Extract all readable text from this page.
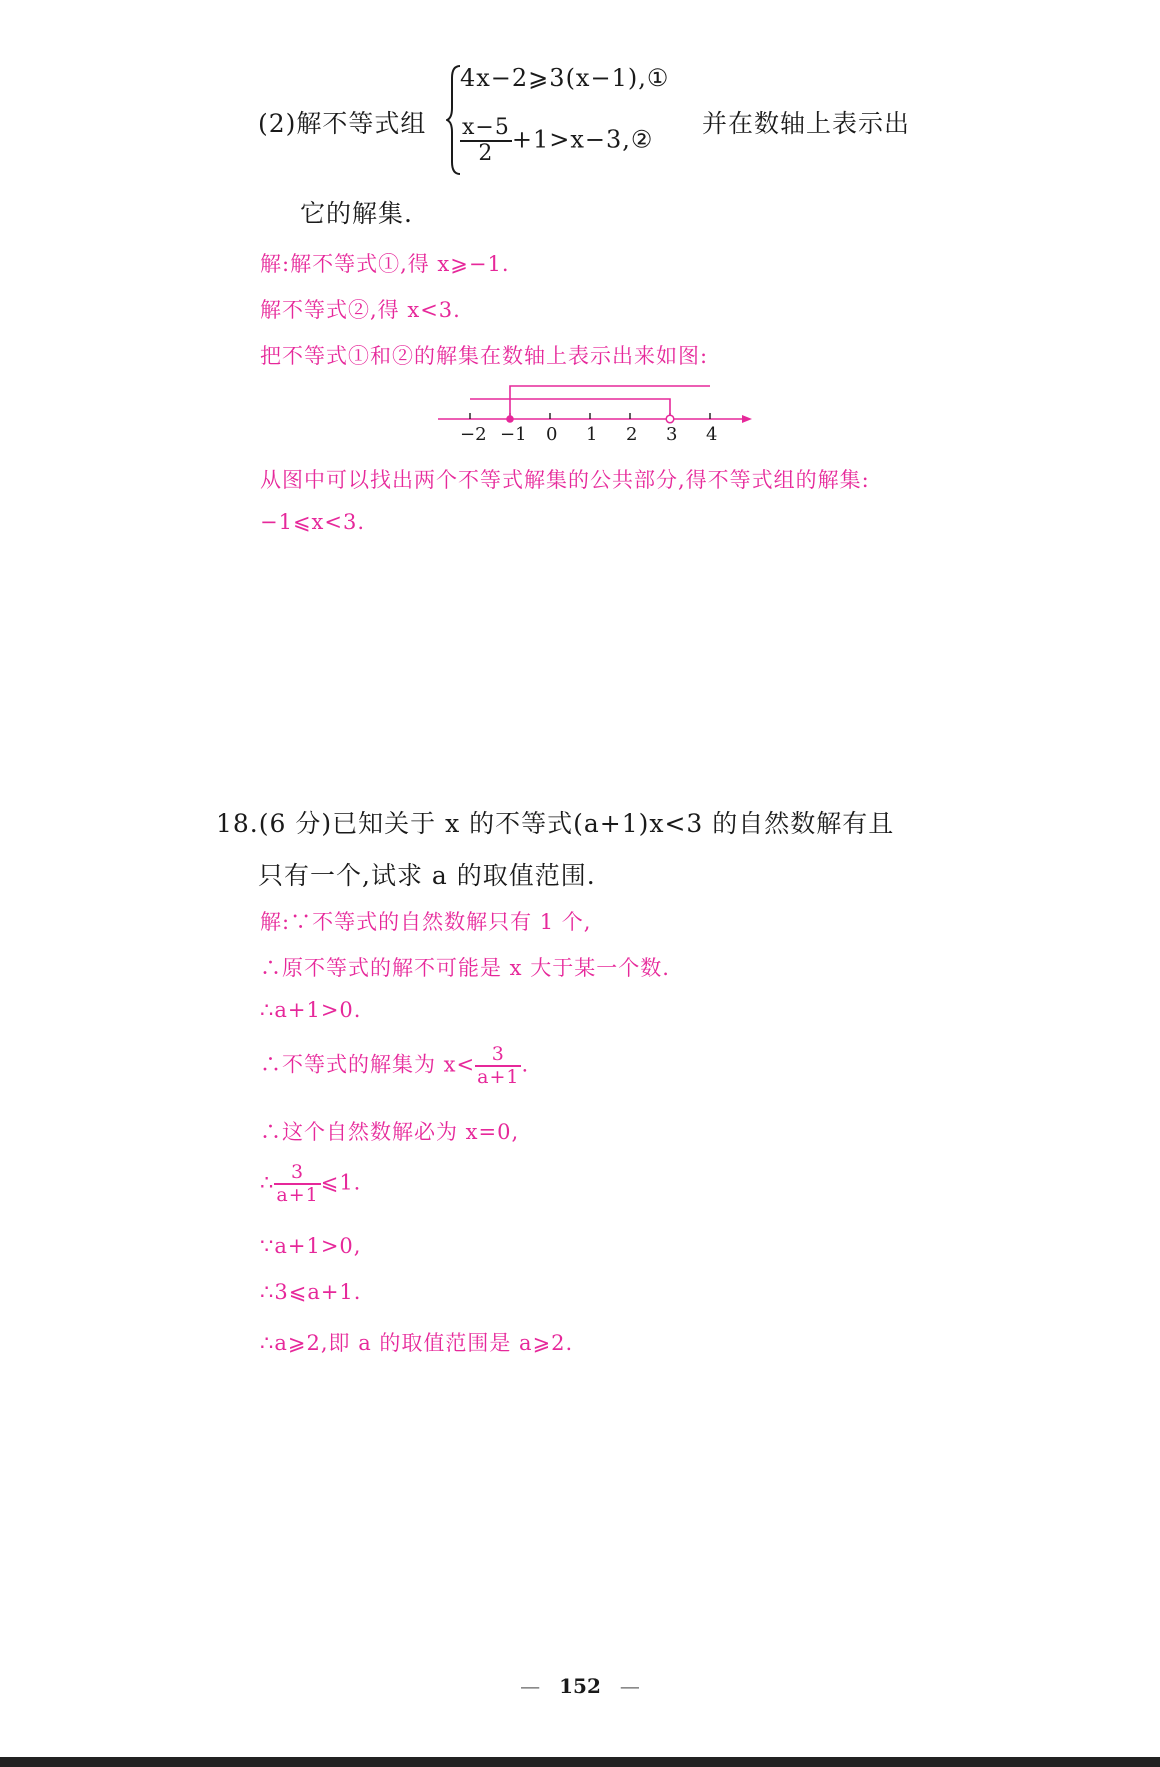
(2)解不等式组
4x−2⩾3(x−1),①
$\frac{x-5}{2}$ +1>x−3,②
并在数轴上表示出
它的解集.
解:解不等式①,得 x⩾−1.
解不等式②,得 x<3.
把不等式①和②的解集在数轴上表示出来如图:
−2 −1 0 1 2 3 4
从图中可以找出两个不等式解集的公共部分,得不等式组的解集:
−1⩽x<3.
18.(6 分)已知关于 x 的不等式(a+1)x<3 的自然数解有且
只有一个,试求 a 的取值范围.
解:∵不等式的自然数解只有 1 个,
∴原不等式的解不可能是 x 大于某一个数.
∴a+1>0.
∴不等式的解集为 $x< \frac{3}{a+1}$ .
∴这个自然数解必为 x=0,
∴ $\frac{3}{a+1}$ ⩽1.
∵a+1>0,
∴3⩽a+1.
∴a⩾2,即 a 的取值范围是 a⩾2.
— 152 —
